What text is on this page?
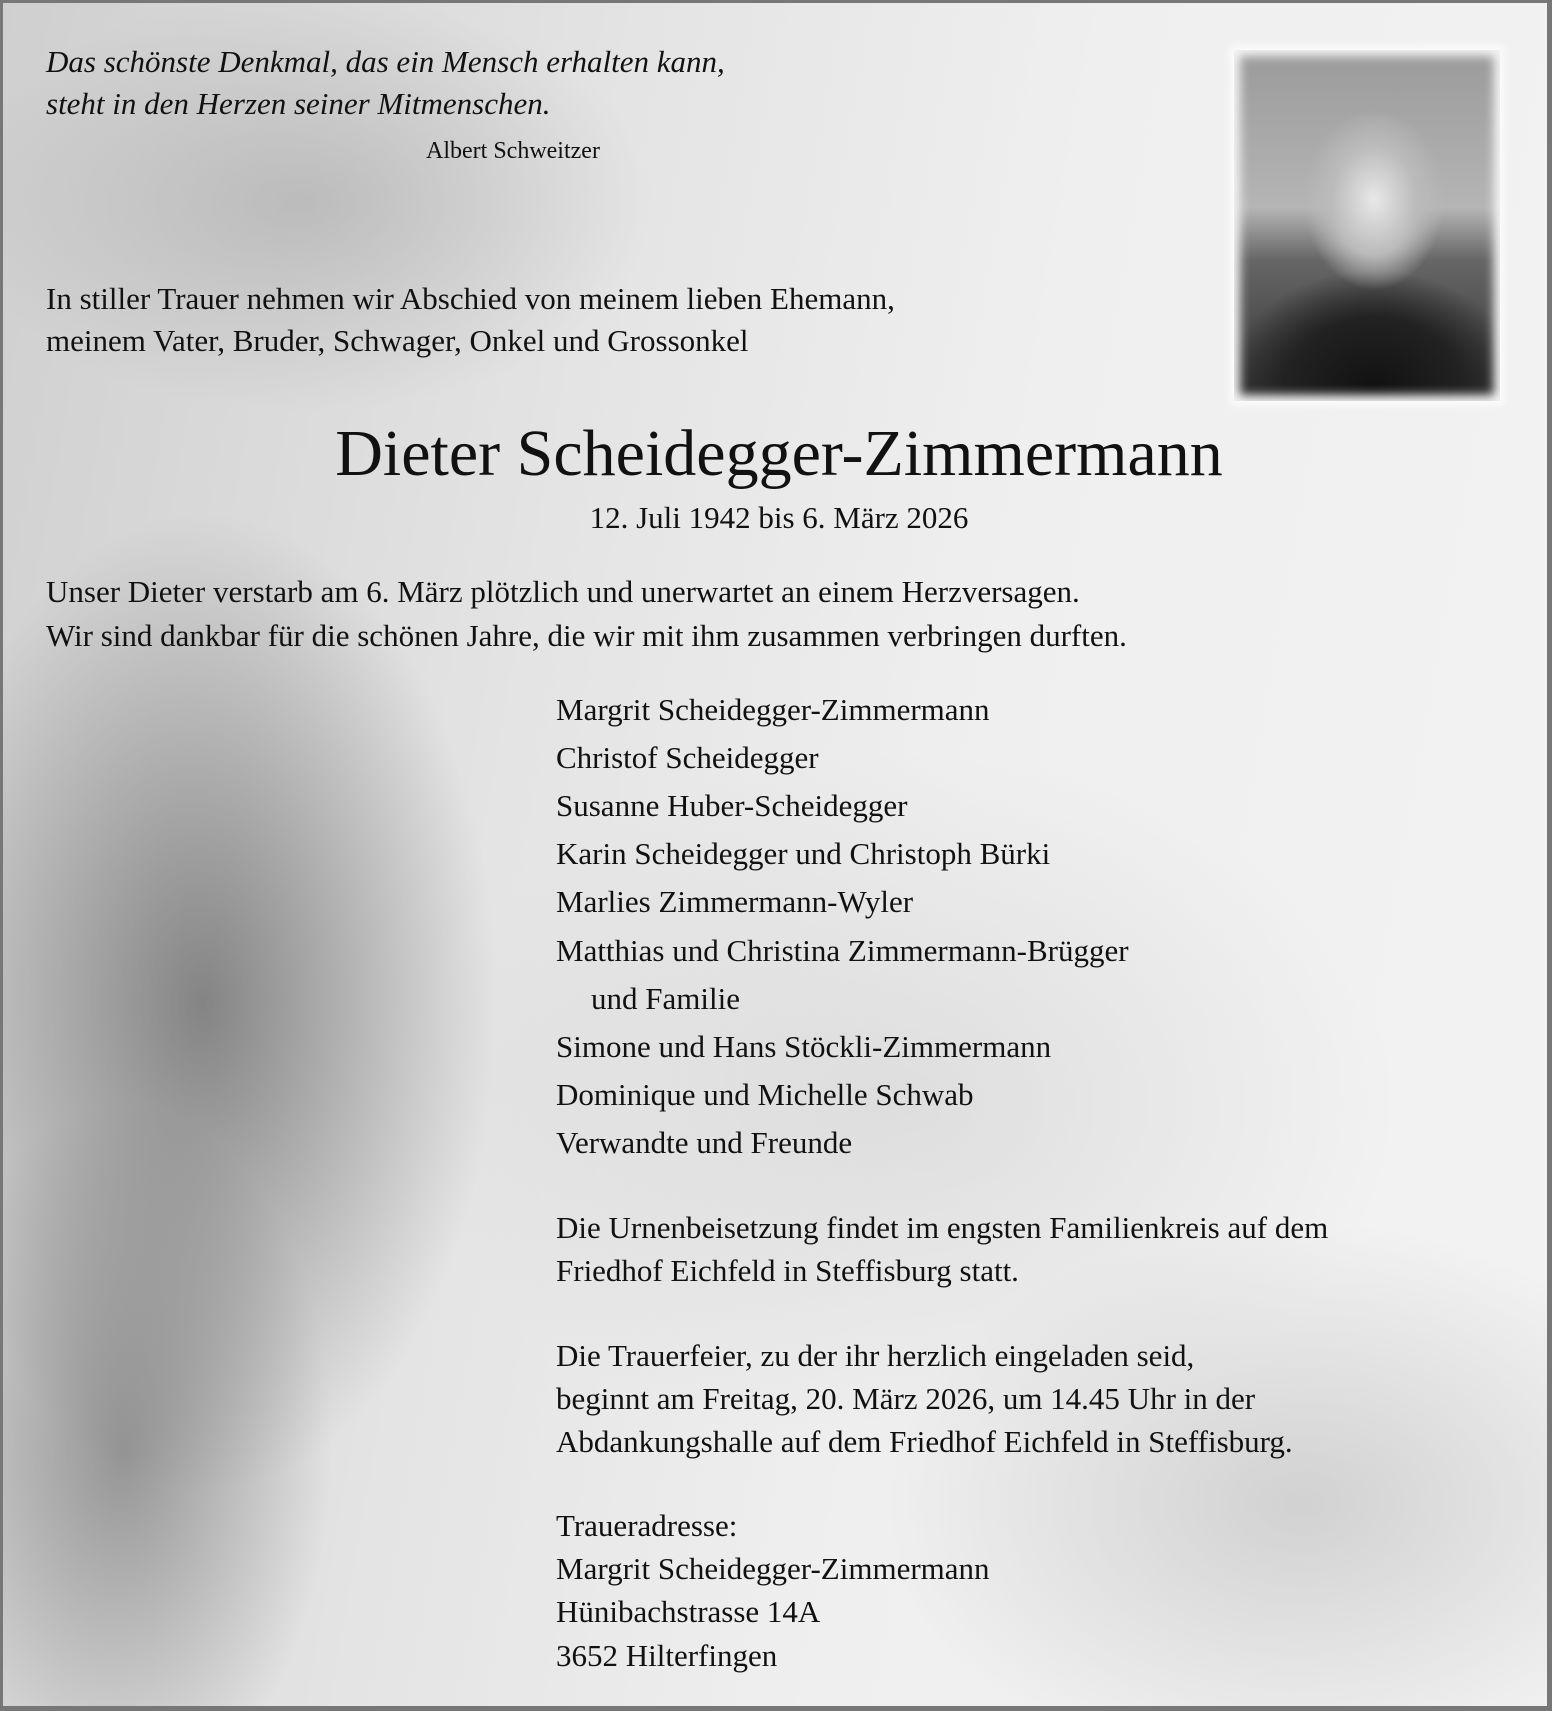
Das schönste Denkmal, das ein Mensch erhalten kann,
steht in den Herzen seiner Mitmenschen.
Albert Schweitzer
In stiller Trauer nehmen wir Abschied von meinem lieben Ehemann,
meinem Vater, Bruder, Schwager, Onkel und Grossonkel
Dieter Scheidegger-Zimmermann
12. Juli 1942 bis 6. März 2026
Unser Dieter verstarb am 6. März plötzlich und unerwartet an einem Herzversagen.
Wir sind dankbar für die schönen Jahre, die wir mit ihm zusammen verbringen durften.
Margrit Scheidegger-Zimmermann
Christof Scheidegger
Susanne Huber-Scheidegger
Karin Scheidegger und Christoph Bürki
Marlies Zimmermann-Wyler
Matthias und Christina Zimmermann-Brügger
und Familie
Simone und Hans Stöckli-Zimmermann
Dominique und Michelle Schwab
Verwandte und Freunde
Die Urnenbeisetzung findet im engsten Familienkreis auf dem
Friedhof Eichfeld in Steffisburg statt.
Die Trauerfeier, zu der ihr herzlich eingeladen seid,
beginnt am Freitag, 20. März 2026, um 14.45 Uhr in der
Abdankungshalle auf dem Friedhof Eichfeld in Steffisburg.
Traueradresse:
Margrit Scheidegger-Zimmermann
Hünibachstrasse 14A
3652 Hilterfingen
